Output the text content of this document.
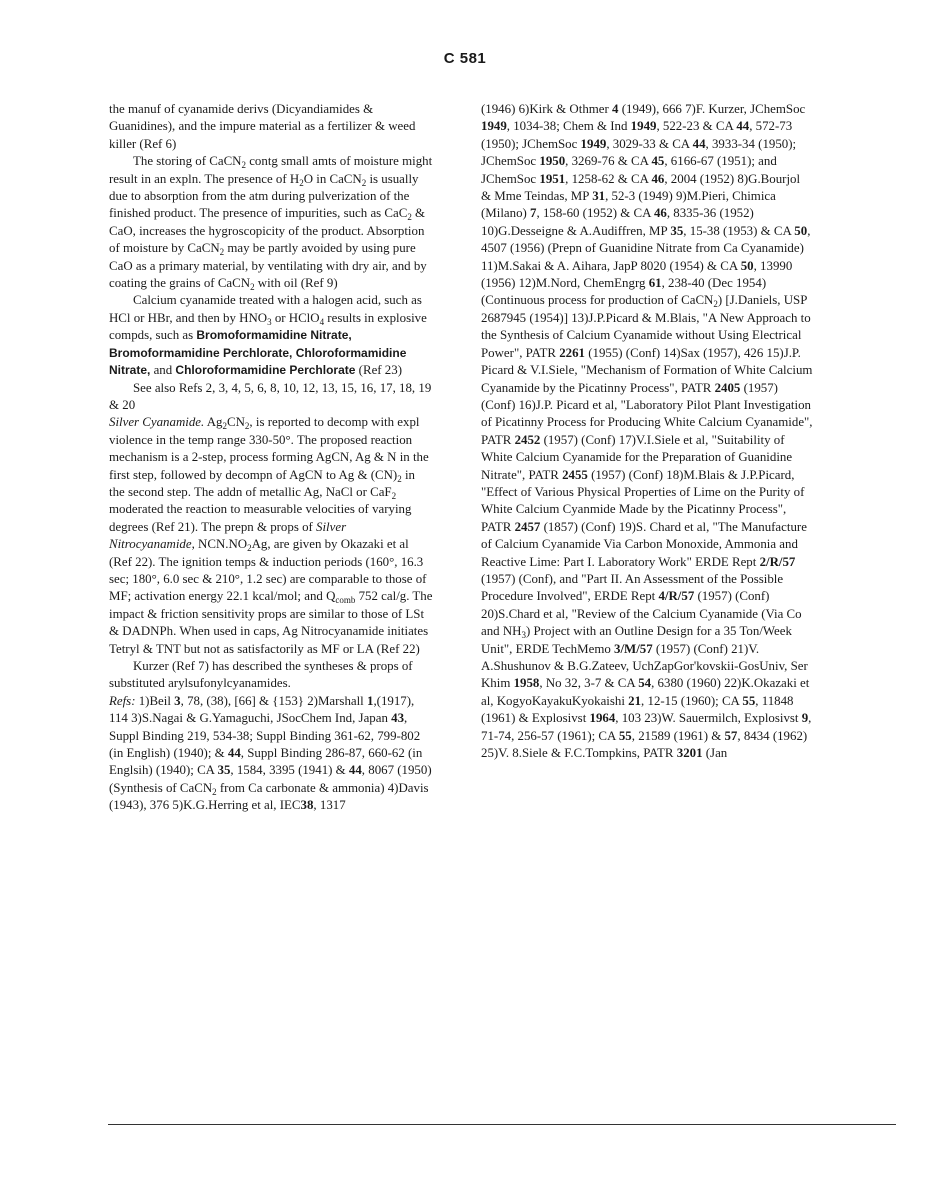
C 581

the manuf of cyanamide derivs (Dicyandiamides & Guanidines), and the impure material as a fertilizer & weed killer (Ref 6)

The storing of CaCN$_2$ contg small amts of moisture might result in an expln. The presence of $H_2O$ in CaCN$_2$ is usually due to absorption from the atm during pulverization of the finished product. The presence of impurities, such as CaC$_2$ & CaO, increases the hygroscopicity of the product. Absorption of moisture by CaCN$_2$ may be partly avoided by using pure CaO as a primary material, by ventilating with dry air, and by coating the grains of CaCN$_2$ with oil (Ref 9)

Calcium cyanamide treated with a halogen acid, such as HCl or HBr, and then by $HNO_3$ or HClO$_4$ results in explosive compds, such as Bromoformamidine Nitrate, Bromoformamidine Perchlorate, Chloroformamidine Nitrate, and Chloroformamidine Perchlorate (Ref 23)

See also Refs 2, 3, 4, 5, 6, 8, 10, 12, 13, 15, 16, 17, 18, 19 & 20

Silver Cyanamide. $Ag_2CN_2$, is reported to decomp with expl violence in the temp range 330-50°. The proposed reaction mechanism is a 2-step, process forming AgCN, Ag & N in the first step, followed by decompn of AgCN to Ag & $(CN)_2$ in the second step. The addn of metallic Ag, NaCl or CaF$_2$ moderated the reaction to measurable velocities of varying degrees (Ref 21). The prepn & props of Silver Nitrocyanamide, $NCN.NO_2Ag$, are given by Okazaki et al (Ref 22). The ignition temps & induction periods (160°, 16.3 sec; 180°, 6.0 sec & 210°, 1.2 sec) are comparable to those of MF; activation energy 22.1 kcal/mol; and $Q_{comb}$ 752 cal/g. The impact & friction sensitivity props are similar to those of LSt & DADNPh. When used in caps, Ag Nitrocyanamide initiates Tetryl & TNT but not as satisfactorily as MF or LA (Ref 22)

Kurzer (Ref 7) has described the syntheses & props of substituted arylsufonylcyanamides.

Refs: 1)Beil 3, 78, (38), [66] & {153} 2)Marshall 1,(1917), 114 3)S.Nagai & G.Yamaguchi, JSocChem Ind, Japan 43, Suppl Binding 219, 534-38; Suppl Binding 361-62, 799-802 (in English) (1940); & 44, Suppl Binding 286-87, 660-62 (in Englsih) (1940); CA 35, 1584, 3395 (1941) & 44, 8067 (1950) (Synthesis of CaCN$_2$ from Ca carbonate & ammonia) 4)Davis (1943), 376 5)K.G.Herring et al, IEC38, 1317

(1946) 6)Kirk & Othmer 4 (1949), 666 7)F. Kurzer, JChemSoc 1949, 1034-38; Chem & Ind 1949, 522-23 & CA 44, 572-73 (1950); JChemSoc 1949, 3029-33 & CA 44, 3933-34 (1950); JChemSoc 1950, 3269-76 & CA 45, 6166-67 (1951); and JChemSoc 1951, 1258-62 & CA 46, 2004 (1952) 8)G.Bourjol & Mme Teindas, MP 31, 52-3 (1949) 9)M.Pieri, Chimica (Milano) 7, 158-60 (1952) & CA 46, 8335-36 (1952) 10)G.Desseigne & A.Audiffren, MP 35, 15-38 (1953) & CA 50, 4507 (1956) (Prepn of Guanidine Nitrate from Ca Cyanamide) 11)M.Sakai & A. Aihara, JapP 8020 (1954) & CA 50, 13990 (1956) 12)M.Nord, ChemEngrg 61, 238-40 (Dec 1954) (Continuous process for production of CaCN$_2$) [J.Daniels, USP 2687945 (1954)] 13)J.P.Picard & M.Blais, "A New Approach to the Synthesis of Calcium Cyanamide without Using Electrical Power", PATR 2261 (1955) (Conf) 14)Sax (1957), 426 15)J.P. Picard & V.I.Siele, "Mechanism of Formation of White Calcium Cyanamide by the Picatinny Process", PATR 2405 (1957) (Conf) 16)J.P. Picard et al, "Laboratory Pilot Plant Investigation of Picatinny Process for Producing White Calcium Cyanamide", PATR 2452 (1957) (Conf) 17)V.I.Siele et al, "Suitability of White Calcium Cyanamide for the Preparation of Guanidine Nitrate", PATR 2455 (1957) (Conf) 18)M.Blais & J.P.Picard, "Effect of Various Physical Properties of Lime on the Purity of White Calcium Cyanmide Made by the Picatinny Process", PATR 2457 (1857) (Conf) 19)S. Chard et al, "The Manufacture of Calcium Cyanamide Via Carbon Monoxide, Ammonia and Reactive Lime: Part I. Laboratory Work" ERDE Rept 2/R/57 (1957) (Conf), and "Part II. An Assessment of the Possible Procedure Involved", ERDE Rept 4/R/57 (1957) (Conf) 20)S.Chard et al, "Review of the Calcium Cyanamide (Via Co and $NH_3$) Project with an Outline Design for a 35 Ton/Week Unit", ERDE TechMemo 3/M/57 (1957) (Conf) 21)V. A.Shushunov & B.G.Zateev, UchZapGor'kovskii-GosUniv, Ser Khim 1958, No 32, 3-7 & CA 54, 6380 (1960) 22)K.Okazaki et al, KogyoKayakuKyokaishi 21, 12-15 (1960); CA 55, 11848 (1961) & Explosivst 1964, 103 23)W. Sauermilch, Explosivst 9, 71-74, 256-57 (1961); CA 55, 21589 (1961) & 57, 8434 (1962) 25)V. 8.Siele & F.C.Tompkins, PATR 3201 (Jan
